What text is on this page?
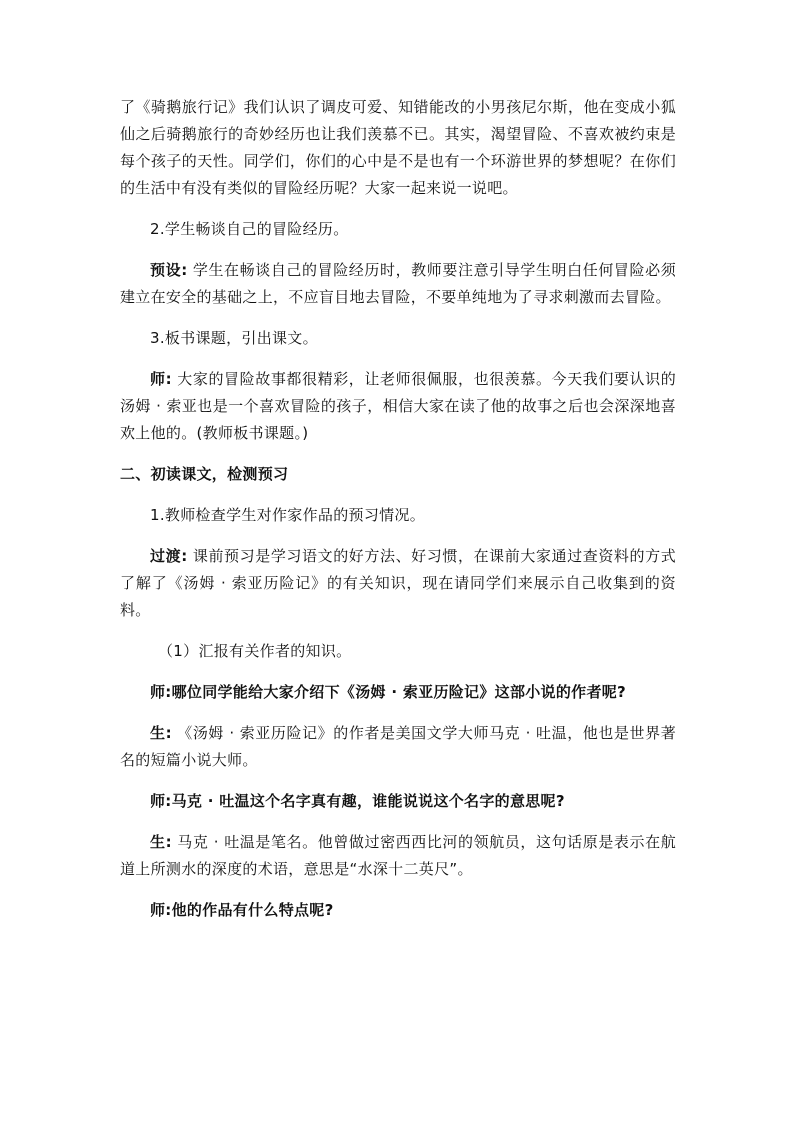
了《骑鹅旅行记》我们认识了调皮可爱、知错能改的小男孩尼尔斯，他在变成小狐仙之后骑鹅旅行的奇妙经历也让我们羡慕不已。其实，渴望冒险、不喜欢被约束是每个孩子的天性。同学们，你们的心中是不是也有一个环游世界的梦想呢？在你们的生活中有没有类似的冒险经历呢？大家一起来说一说吧。

2.学生畅谈自己的冒险经历。

预设: 学生在畅谈自己的冒险经历时，教师要注意引导学生明白任何冒险必须建立在安全的基础之上，不应盲目地去冒险，不要单纯地为了寻求刺激而去冒险。

3.板书课题，引出课文。

师: 大家的冒险故事都很精彩，让老师很佩服，也很羡慕。今天我们要认识的汤姆 · 索亚也是一个喜欢冒险的孩子，相信大家在读了他的故事之后也会深深地喜欢上他的。(教师板书课题。)

二、初读课文，检测预习

1.教师检查学生对作家作品的预习情况。

过渡: 课前预习是学习语文的好方法、好习惯，在课前大家通过查资料的方式了解了《汤姆 · 索亚历险记》的有关知识，现在请同学们来展示自己收集到的资料。

（1）汇报有关作者的知识。

师:哪位同学能给大家介绍下《汤姆 · 索亚历险记》这部小说的作者呢?

生: 《汤姆 · 索亚历险记》的作者是美国文学大师马克 · 吐温，他也是世界著名的短篇小说大师。

师:马克 · 吐温这个名字真有趣，谁能说说这个名字的意思呢?

生: 马克 · 吐温是笔名。他曾做过密西西比河的领航员，这句话原是表示在航道上所测水的深度的术语，意思是“水深十二英尺”。

师:他的作品有什么特点呢?
